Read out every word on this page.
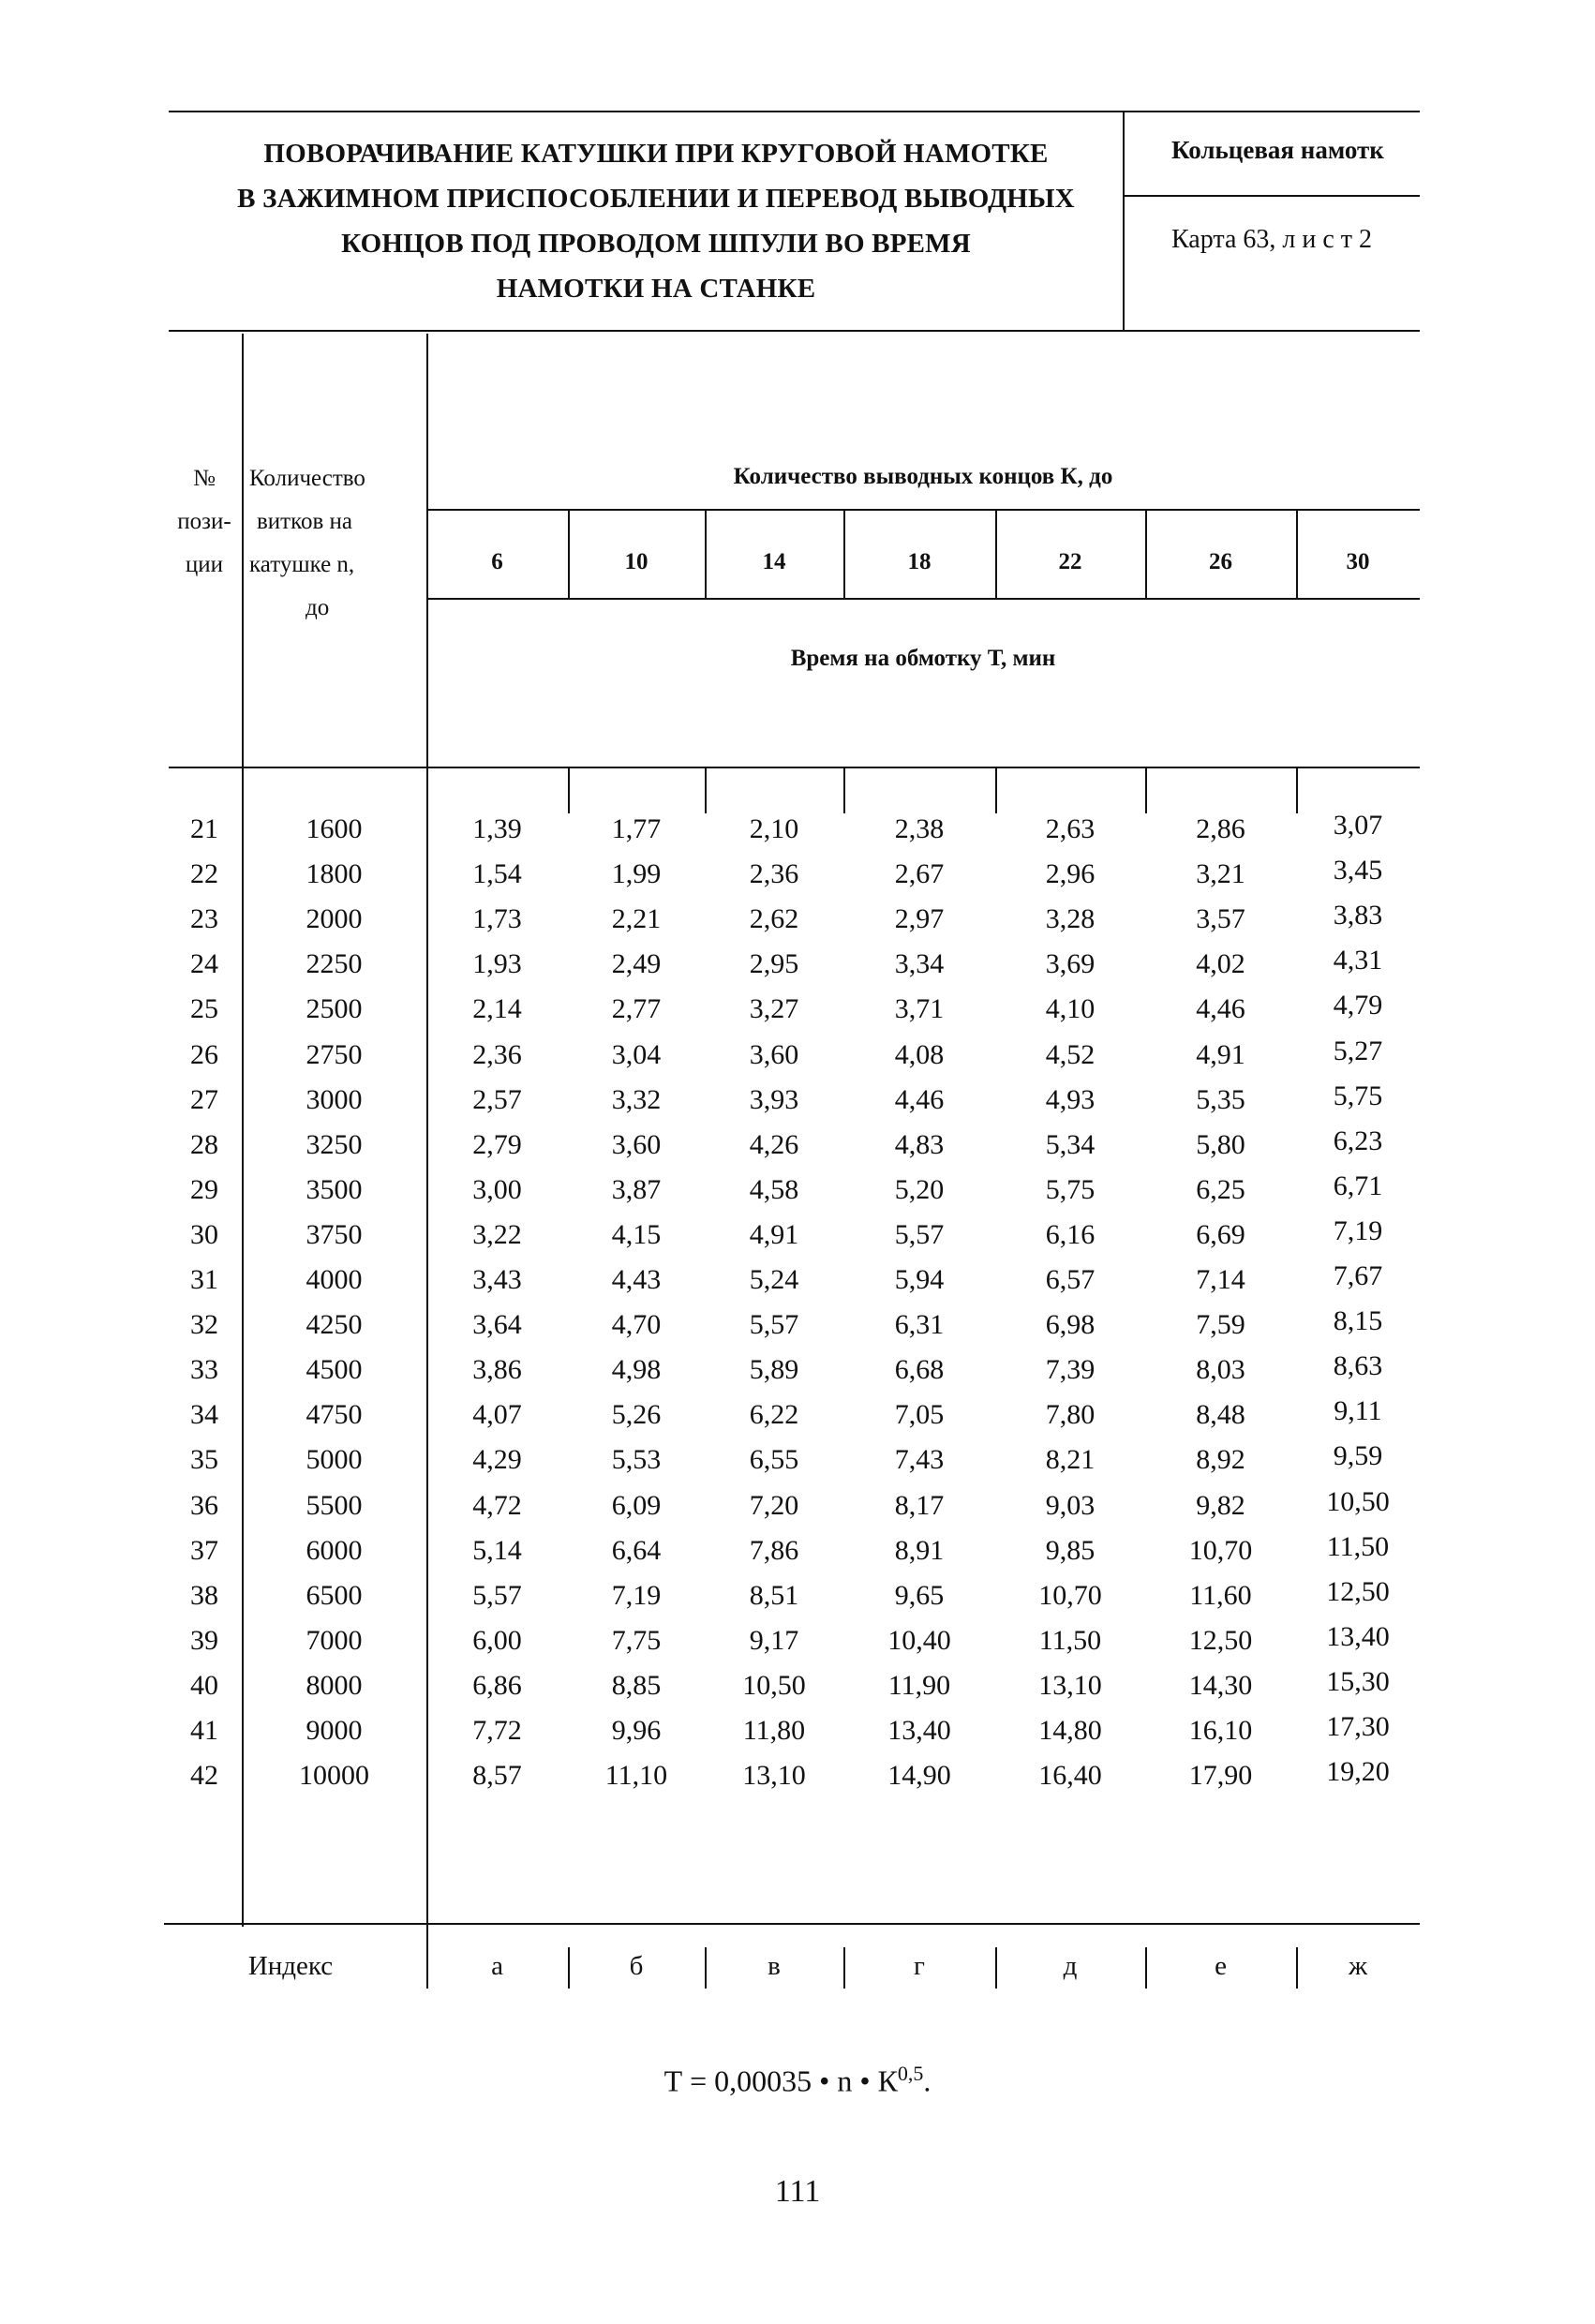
ПОВОРАЧИВАНИЕ КАТУШКИ ПРИ КРУГОВОЙ НАМОТКЕ
В ЗАЖИМНОМ ПРИСПОСОБЛЕНИИ И ПЕРЕВОД ВЫВОДНЫХ
КОНЦОВ ПОД ПРОВОДОМ ШПУЛИ ВО ВРЕМЯ
НАМОТКИ НА СТАНКЕ
Кольцевая намотк
Карта 63, л и с т 2
№
пози-
ции
Количество
витков на
катушке n,
до
Количество выводных концов К, до
6	10	14	18	22	26	30
Время на обмотку Т, мин
21	1600	1,39	1,77	2,10	2,38	2,63	2,86	3,07
22	1800	1,54	1,99	2,36	2,67	2,96	3,21	3,45
23	2000	1,73	2,21	2,62	2,97	3,28	3,57	3,83
24	2250	1,93	2,49	2,95	3,34	3,69	4,02	4,31
25	2500	2,14	2,77	3,27	3,71	4,10	4,46	4,79
26	2750	2,36	3,04	3,60	4,08	4,52	4,91	5,27
27	3000	2,57	3,32	3,93	4,46	4,93	5,35	5,75
28	3250	2,79	3,60	4,26	4,83	5,34	5,80	6,23
29	3500	3,00	3,87	4,58	5,20	5,75	6,25	6,71
30	3750	3,22	4,15	4,91	5,57	6,16	6,69	7,19
31	4000	3,43	4,43	5,24	5,94	6,57	7,14	7,67
32	4250	3,64	4,70	5,57	6,31	6,98	7,59	8,15
33	4500	3,86	4,98	5,89	6,68	7,39	8,03	8,63
34	4750	4,07	5,26	6,22	7,05	7,80	8,48	9,11
35	5000	4,29	5,53	6,55	7,43	8,21	8,92	9,59
36	5500	4,72	6,09	7,20	8,17	9,03	9,82	10,50
37	6000	5,14	6,64	7,86	8,91	9,85	10,70	11,50
38	6500	5,57	7,19	8,51	9,65	10,70	11,60	12,50
39	7000	6,00	7,75	9,17	10,40	11,50	12,50	13,40
40	8000	6,86	8,85	10,50	11,90	13,10	14,30	15,30
41	9000	7,72	9,96	11,80	13,40	14,80	16,10	17,30
42	10000	8,57	11,10	13,10	14,90	16,40	17,90	19,20
Индекс	а	б	в	г	д	е	ж
Т = 0,00035 • n • К$^{0,5}$.
111
